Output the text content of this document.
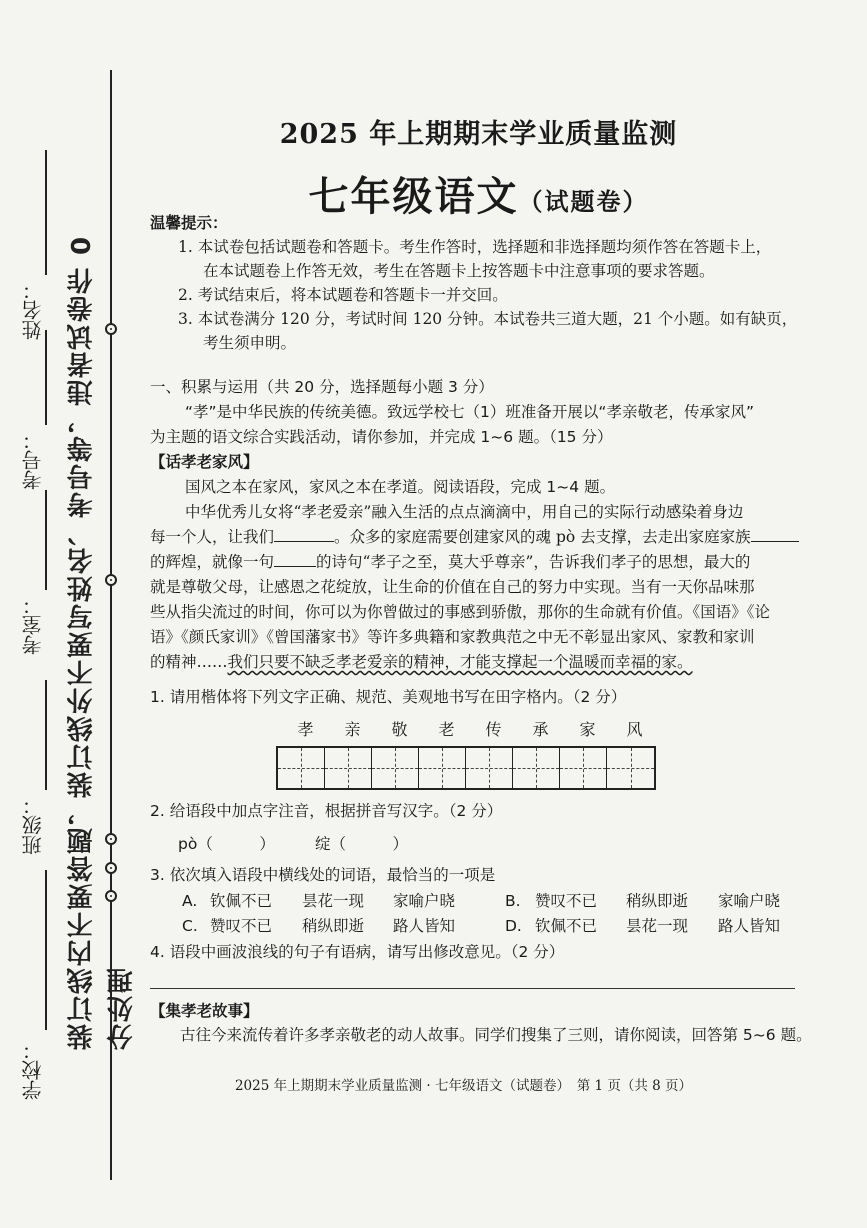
装订线内不要答题，装订线外不要写姓名、考号等，违者试卷作 0 分处理
学校：
班级：
考室：
考号：
姓名：
2025 年上期期末学业质量监测
七年级语文（试题卷）
温馨提示：
1. 本试卷包括试题卷和答题卡。考生作答时，选择题和非选择题均须作答在答题卡上，
在本试题卷上作答无效，考生在答题卡上按答题卡中注意事项的要求答题。
2. 考试结束后，将本试题卷和答题卡一并交回。
3. 本试卷满分 120 分，考试时间 120 分钟。本试卷共三道大题，21 个小题。如有缺页，
考生须申明。
一、积累与运用（共 20 分，选择题每小题 3 分）
“孝”是中华民族的传统美德。致远学校七（1）班准备开展以“孝亲敬老，传承家风”
为主题的语文综合实践活动，请你参加，并完成 1~6 题。（15 分）
【话孝老家风】
国风之本在家风，家风之本在孝道。阅读语段，完成 1~4 题。
中华优秀儿女将“孝老爱亲”融入生活的点点滴滴中，用自己的实际行动感染着身边
每一个人，让我们	。众多的家庭需要创建家风的魂 pò 去支撑，去走出家庭家族
的辉煌，就像一句	的诗句“孝子之至，莫大乎尊亲”，告诉我们孝子的思想，最大的
就是尊敬父母，让感恩之花绽放，让生命的价值在自己的努力中实现。当有一天你品味那
些从指尖流过的时间，你可以为你曾做过的事感到骄傲，那你的生命就有价值。《国语》《论
语》《颜氏家训》《曾国藩家书》等许多典籍和家教典范之中无不彰显出家风、家教和家训
的精神……我们只要不缺乏孝老爱亲的精神，才能支撑起一个温暖而幸福的家。
1. 请用楷体将下列文字正确、规范、美观地书写在田字格内。（2 分）
孝	亲	敬	老	传	承	家	风
2. 给语段中加点字注音，根据拼音写汉字。（2 分）
pò（　　　）	绽（　　　）
3. 依次填入语段中横线处的词语，最恰当的一项是
A. 钦佩不已 昙花一现 家喻户晓	B. 赞叹不已 稍纵即逝 家喻户晓
C. 赞叹不已 稍纵即逝 路人皆知	D. 钦佩不已 昙花一现 路人皆知
4. 语段中画波浪线的句子有语病，请写出修改意见。（2 分）
【集孝老故事】
古往今来流传着许多孝亲敬老的动人故事。同学们搜集了三则，请你阅读，回答第 5~6 题。
2025 年上期期末学业质量监测 · 七年级语文（试题卷）　第 1 页（共 8 页）
